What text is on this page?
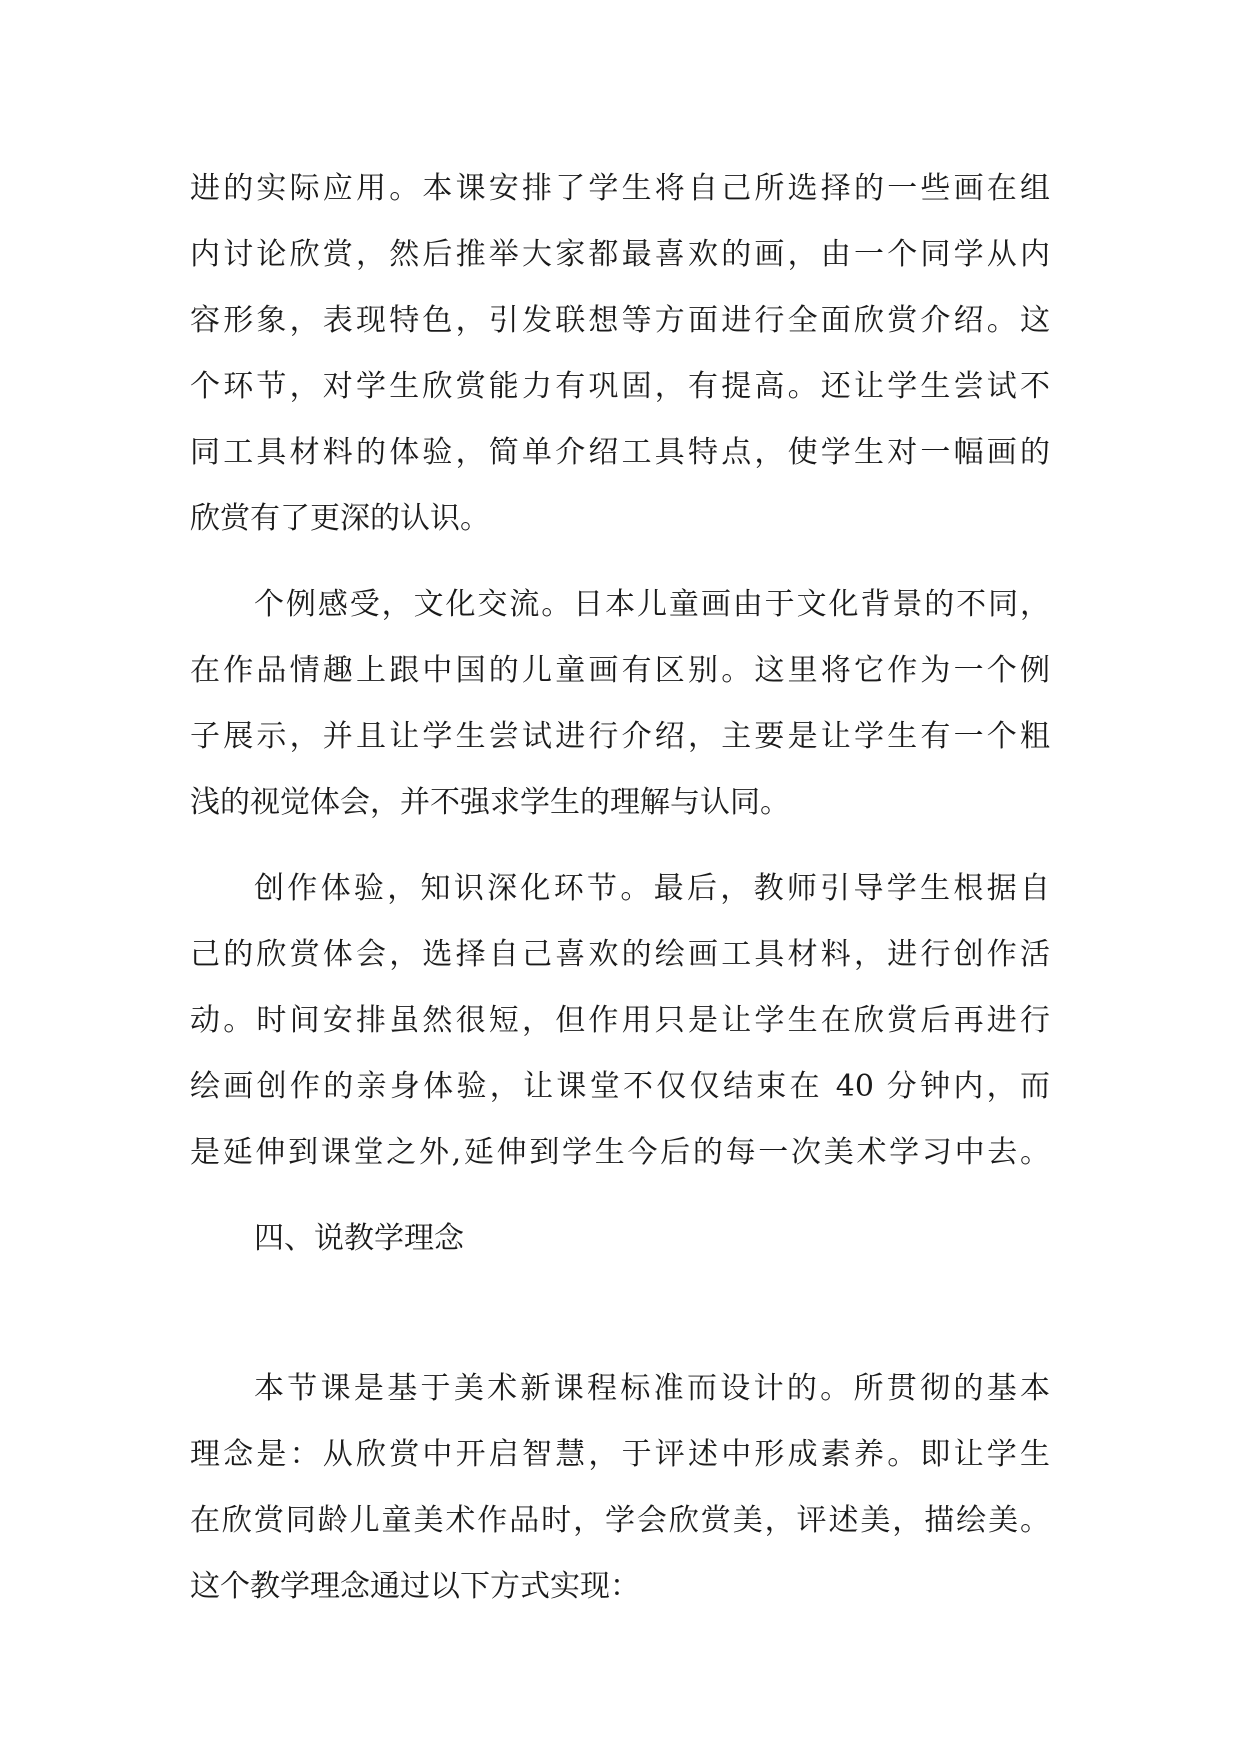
进的实际应用。本课安排了学生将自己所选择的一些画在组
内讨论欣赏，然后推举大家都最喜欢的画，由一个同学从内
容形象，表现特色，引发联想等方面进行全面欣赏介绍。这
个环节，对学生欣赏能力有巩固，有提高。还让学生尝试不
同工具材料的体验，简单介绍工具特点，使学生对一幅画的
欣赏有了更深的认识。
个例感受，文化交流。日本儿童画由于文化背景的不同，
在作品情趣上跟中国的儿童画有区别。这里将它作为一个例
子展示，并且让学生尝试进行介绍，主要是让学生有一个粗
浅的视觉体会，并不强求学生的理解与认同。
创作体验，知识深化环节。最后，教师引导学生根据自
己的欣赏体会，选择自己喜欢的绘画工具材料，进行创作活
动。时间安排虽然很短，但作用只是让学生在欣赏后再进行
绘画创作的亲身体验，让课堂不仅仅结束在 40 分钟内，而
是延伸到课堂之外,延伸到学生今后的每一次美术学习中去。
四、说教学理念
本节课是基于美术新课程标准而设计的。所贯彻的基本
理念是：从欣赏中开启智慧，于评述中形成素养。即让学生
在欣赏同龄儿童美术作品时，学会欣赏美，评述美，描绘美。
这个教学理念通过以下方式实现：
